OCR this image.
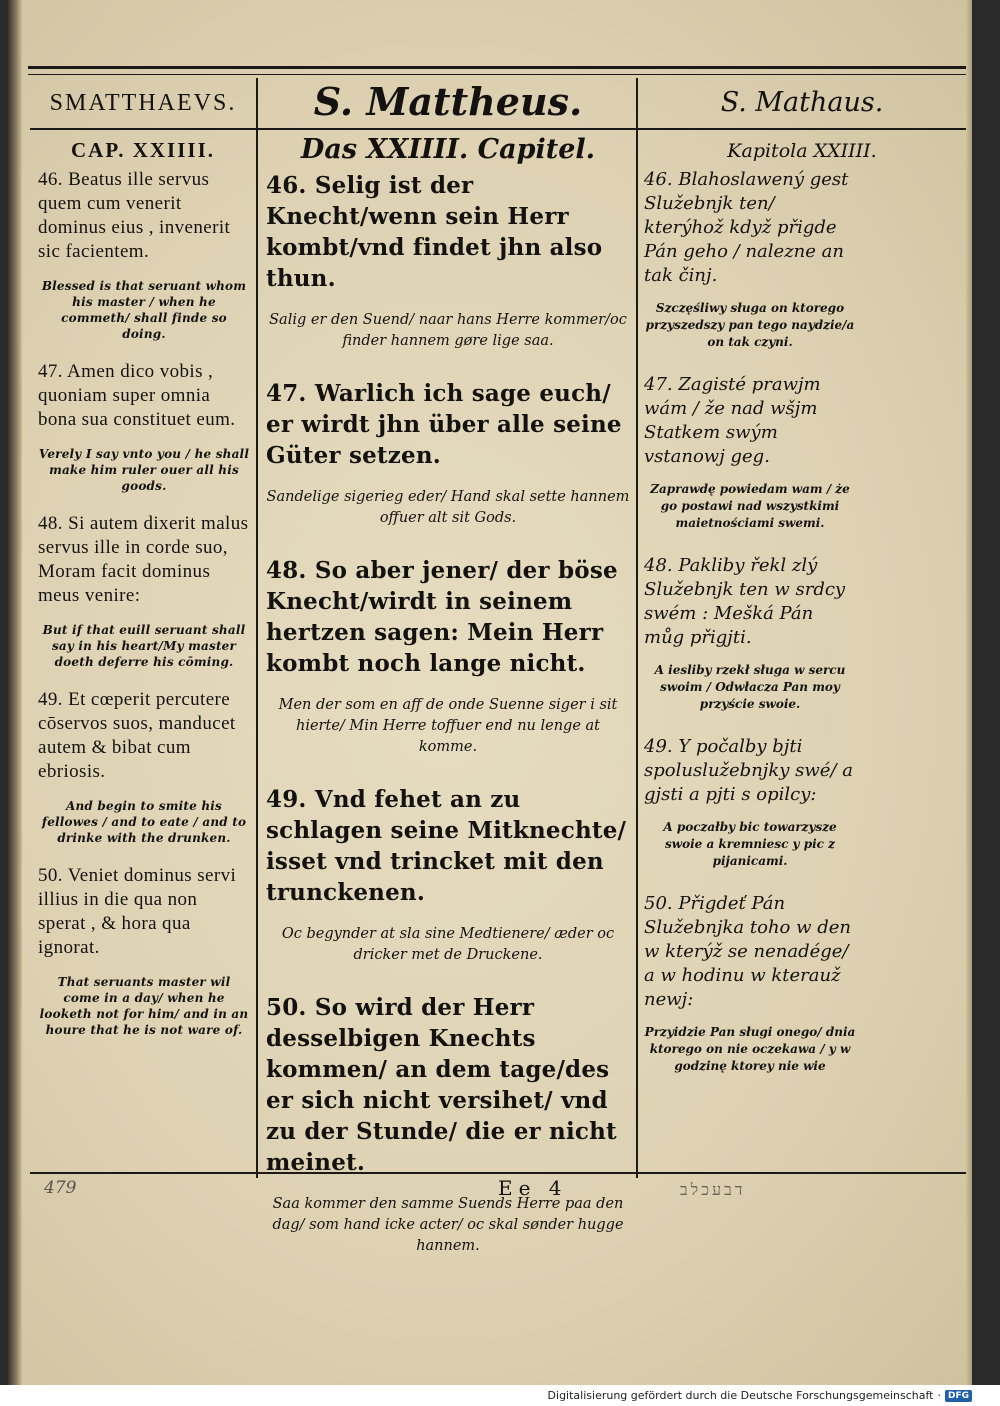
SMATTHAEVS.	S. Mattheus.	S. Mathaus.
CAP. XXIIII.	Das XXIIII. Capitel.	Kapitola XXIIII.

46. Beatus ille servus quem cum venerit dominus eius , invenerit sic facientem.

Blessed is that seruant whom his master / when he commeth/ shall finde so doing.

47. Amen dico vobis , quoniam super omnia bona sua constituet eum.

Verely I say vnto you / he shall make him ruler ouer all his goods.

48. Si autem dixerit malus servus ille in corde suo, Moram facit dominus meus venire:

But if that euill seruant shall say in his heart/My master doeth deferre his cōming.

49. Et cœperit percutere cōservos suos, manducet autem & bibat cum ebriosis.

And begin to smite his fellowes / and to eate / and to drinke with the drunken.

50. Veniet dominus servi illius in die qua non sperat , & hora qua ignorat.

That seruants master wil come in a day/ when he looketh not for him/ and in an houre that he is not ware of.

46. Selig ist der Knecht/wenn sein Herr kombt/vnd findet jhn also thun.

Salig er den Suend/ naar hans Herre kommer/oc finder hannem gøre lige saa.

47. Warlich ich sage euch/ er wirdt jhn über alle seine Güter setzen.

Sandelige sigerieg eder/ Hand skal sette hannem offuer alt sit Gods.

48. So aber jener/ der böse Knecht/wirdt in seinem hertzen sagen: Mein Herr kombt noch lange nicht.

Men der som en aff de onde Suenne siger i sit hierte/ Min Herre toffuer end nu lenge at komme.

49. Vnd fehet an zu schlagen seine Mitknechte/ isset vnd trincket mit den trunckenen.

Oc begynder at sla sine Medtienere/ æder oc dricker met de Druckene.

50. So wird der Herr desselbigen Knechts kommen/ an dem tage/des er sich nicht versihet/ vnd zu der Stunde/ die er nicht meinet.

Saa kommer den samme Suends Herre paa den dag/ som hand icke acter/ oc skal sønder hugge hannem.

46. Blahoslawený gest Služebnjk ten/ kterýhož když přigde Pán geho / nalezne an tak činj.

Szczęśliwy sługa on ktorego przyszedszy pan tego naydzie/a on tak czyni.

47. Zagisté prawjm wám / že nad wšjm Statkem swým vstanowj geg.

Zaprawdę powiedam wam / że go postawi nad wszystkimi maietnościami swemi.

48. Pakliby řekl zlý Služebnjk ten w srdcy swém : Mešká Pán můg přigjti.

A iesliby rzekł sługa w sercu swoim / Odwłacza Pan moy przyście swoie.

49. Y počalby bjti spoluslužebnjky swé/ a gjsti a pjti s opilcy:

A poczałby bic towarzysze swoie a kremniesc y pic z pijanicami.

50. Přigdeť Pán Služebnjka toho w den w kterýž se nenadége/ a w hodinu w kterauž newj:

Przyidzie Pan sługi onego/ dnia ktorego on nie oczekawa / y w godzinę ktorey nie wie

479	Ee 4	דבעכלב
Digitalisierung gefördert durch die Deutsche Forschungsgemeinschaft · DFG
